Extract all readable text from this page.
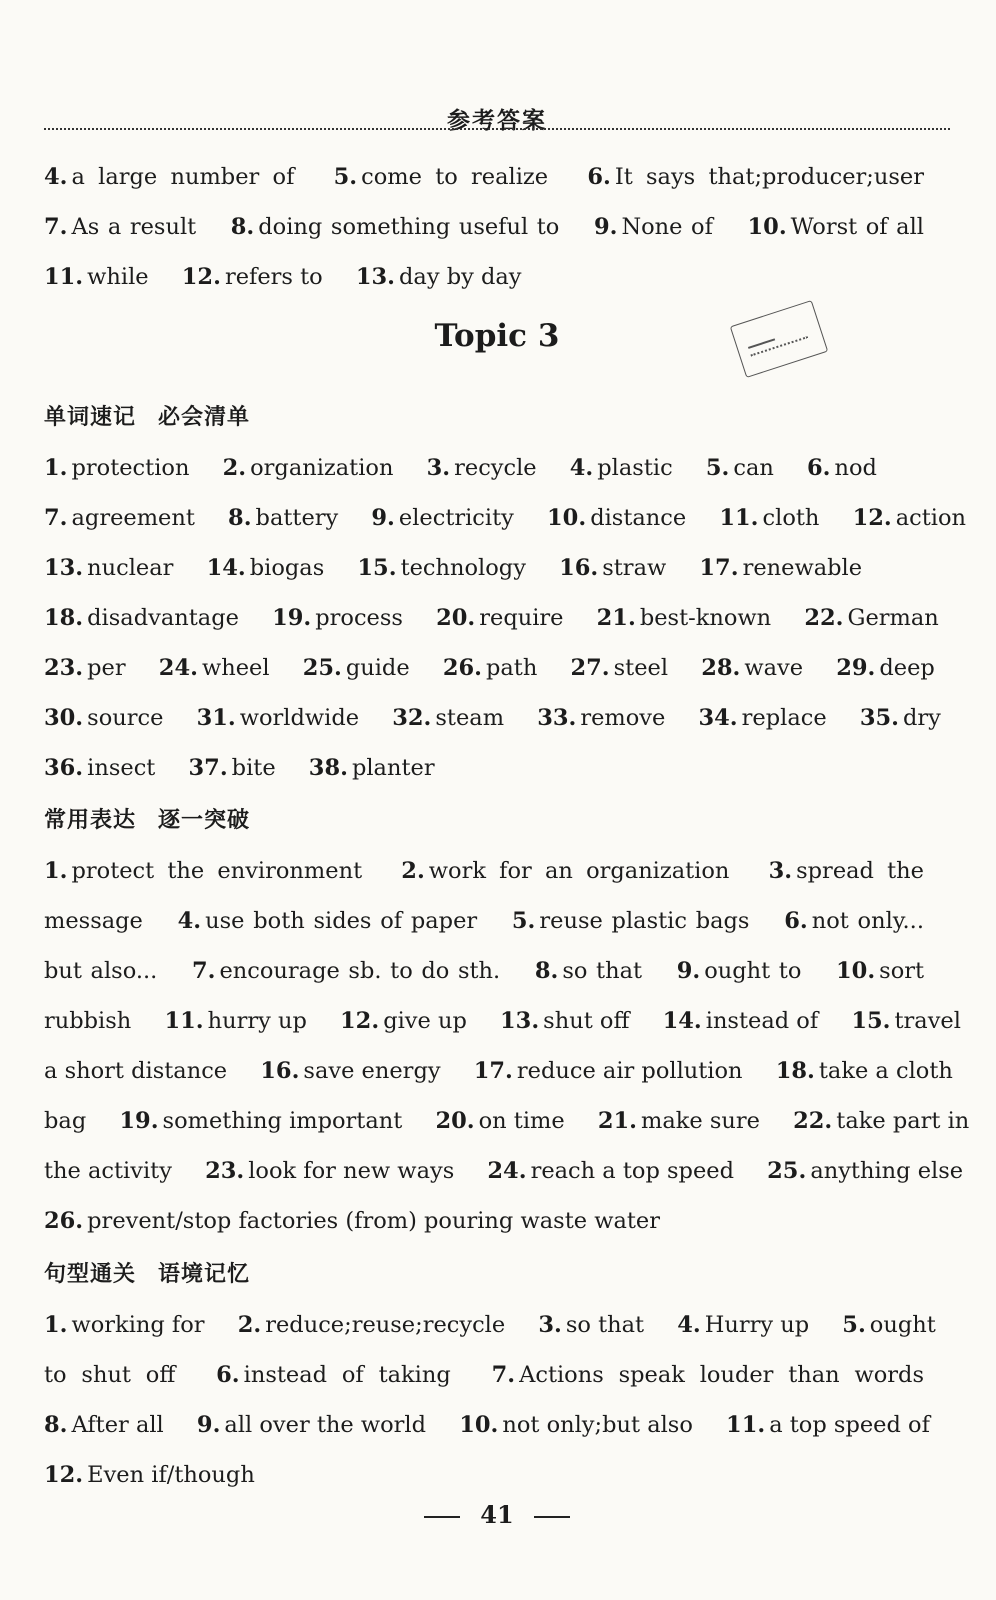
参考答案
4. a large number of 5. come to realize 6. It says that;producer;user
7. As a result 8. doing something useful to 9. None of 10. Worst of all
11. while 12. refers to 13. day by day
Topic 3
单词速记 必会清单
1. protection 2. organization 3. recycle 4. plastic 5. can 6. nod
7. agreement 8. battery 9. electricity 10. distance 11. cloth 12. action
13. nuclear 14. biogas 15. technology 16. straw 17. renewable
18. disadvantage 19. process 20. require 21. best-known 22. German
23. per 24. wheel 25. guide 26. path 27. steel 28. wave 29. deep
30. source 31. worldwide 32. steam 33. remove 34. replace 35. dry
36. insect 37. bite 38. planter
常用表达 逐一突破
1. protect the environment 2. work for an organization 3. spread the
message 4. use both sides of paper 5. reuse plastic bags 6. not only...
but also... 7. encourage sb. to do sth. 8. so that 9. ought to 10. sort
rubbish 11. hurry up 12. give up 13. shut off 14. instead of 15. travel
a short distance 16. save energy 17. reduce air pollution 18. take a cloth
bag 19. something important 20. on time 21. make sure 22. take part in
the activity 23. look for new ways 24. reach a top speed 25. anything else
26. prevent/stop factories (from) pouring waste water
句型通关 语境记忆
1. working for 2. reduce;reuse;recycle 3. so that 4. Hurry up 5. ought
to shut off 6. instead of taking 7. Actions speak louder than words
8. After all 9. all over the world 10. not only;but also 11. a top speed of
12. Even if/though
41
